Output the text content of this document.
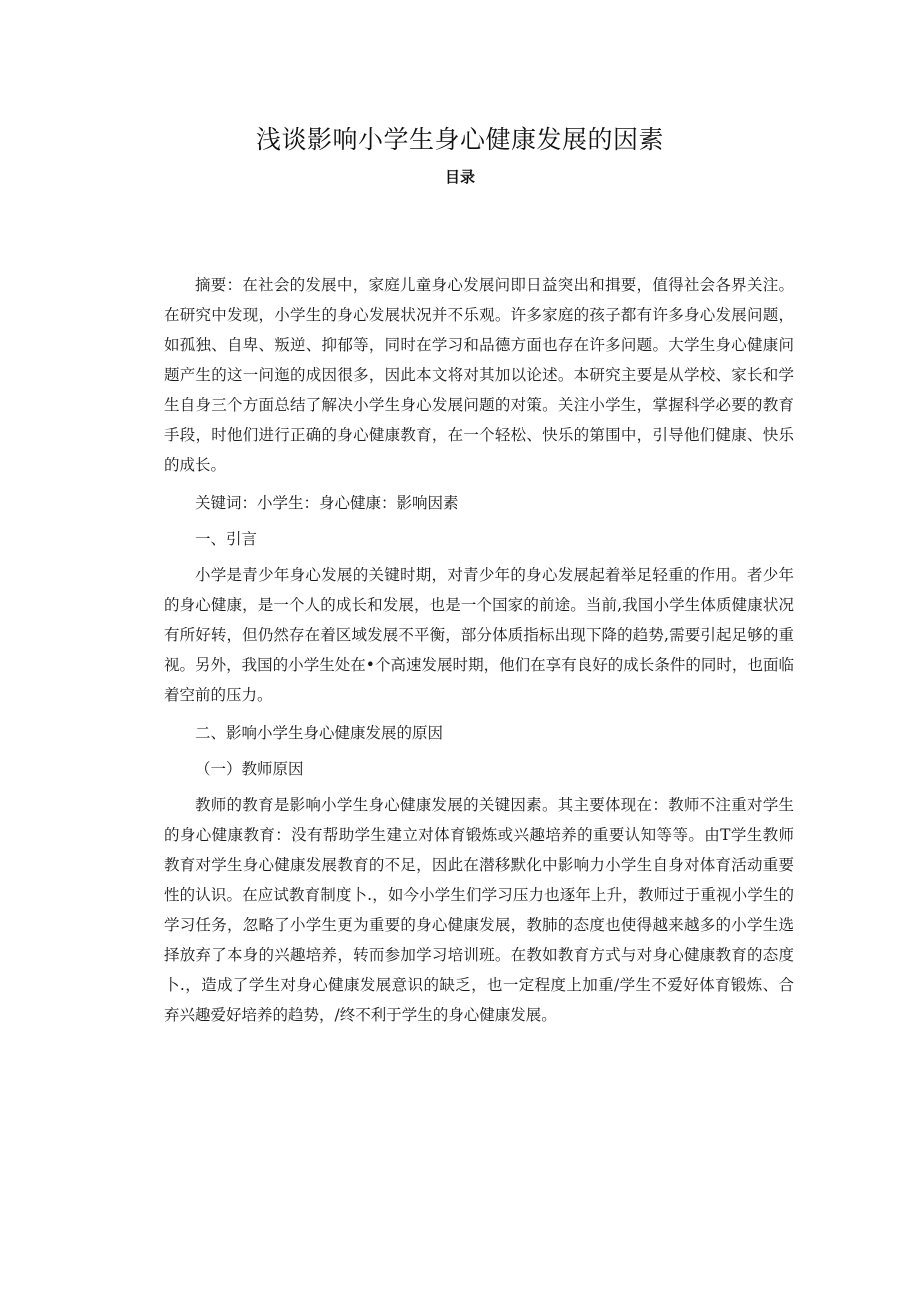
浅谈影响小学生身心健康发展的因素
目录

摘要：在社会的发展中，家庭儿童身心发展问即日益突出和揖要，值得社会各界关注。在研究中发现，小学生的身心发展状况并不乐观。许多家庭的孩子都有许多身心发展问题，如孤独、自卑、叛逆、抑郁等，同时在学习和品德方面也存在许多问题。大学生身心健康问题产生的这一问迤的成因很多，因此本文将对其加以论述。本研究主要是从学校、家长和学生自身三个方面总结了解决小学生身心发展问题的对策。关注小学生，掌握科学必要的教育手段，时他们进行正确的身心健康教育，在一个轻松、快乐的第围中，引导他们健康、快乐的成长。

关键词：小学生：身心健康：影响因素

一、引言

小学是青少年身心发展的关键时期，对青少年的身心发展起着举足轻重的作用。者少年的身心健康，是一个人的成长和发展，也是一个国家的前途。当前,我国小学生体质健康状况有所好转，但仍然存在着区域发展不平衡，部分体质指标出现下降的趋势,需要引起足够的重视。另外，我国的小学生处在•个高速发展时期，他们在享有良好的成长条件的同时，也面临着空前的压力。

二、影响小学生身心健康发展的原因

（一）教师原因

教师的教育是影响小学生身心健康发展的关键因素。其主要体现在：教师不注重对学生的身心健康教育：没有帮助学生建立对体育锻炼或兴趣培养的重要认知等等。由T学生教师教育对学生身心健康发展教育的不足，因此在潜移默化中影响力小学生自身对体育活动重要性的认识。在应试教育制度卜.，如今小学生们学习压力也逐年上升，教师过于重视小学生的学习任务，忽略了小学生更为重要的身心健康发展，教肺的态度也使得越来越多的小学生选择放弃了本身的兴趣培养，转而参加学习培训班。在教如教育方式与对身心健康教育的态度卜.，造成了学生对身心健康发展意识的缺乏，也一定程度上加重/学生不爱好体育锻炼、合弃兴趣爱好培养的趋势，/终不利于学生的身心健康发展。
